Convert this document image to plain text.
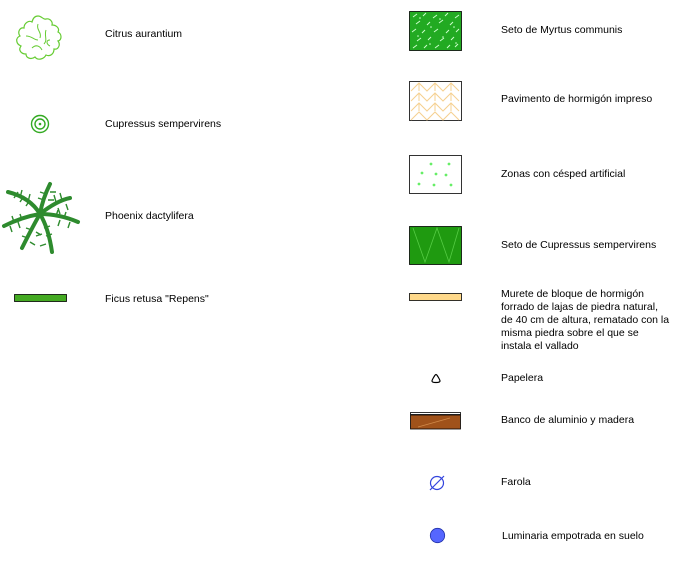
Citrus aurantium
Cupressus sempervirens
Phoenix dactylifera
Ficus retusa "Repens"
Seto de Myrtus communis
Pavimento de hormigón impreso
Zonas con césped artificial
Seto de Cupressus sempervirens
Murete de bloque de hormigón forrado de lajas de piedra natural, de 40 cm de altura, rematado con la misma piedra sobre el que se instala el vallado
Papelera
Banco de aluminio y madera
Farola
Luminaria empotrada en suelo
